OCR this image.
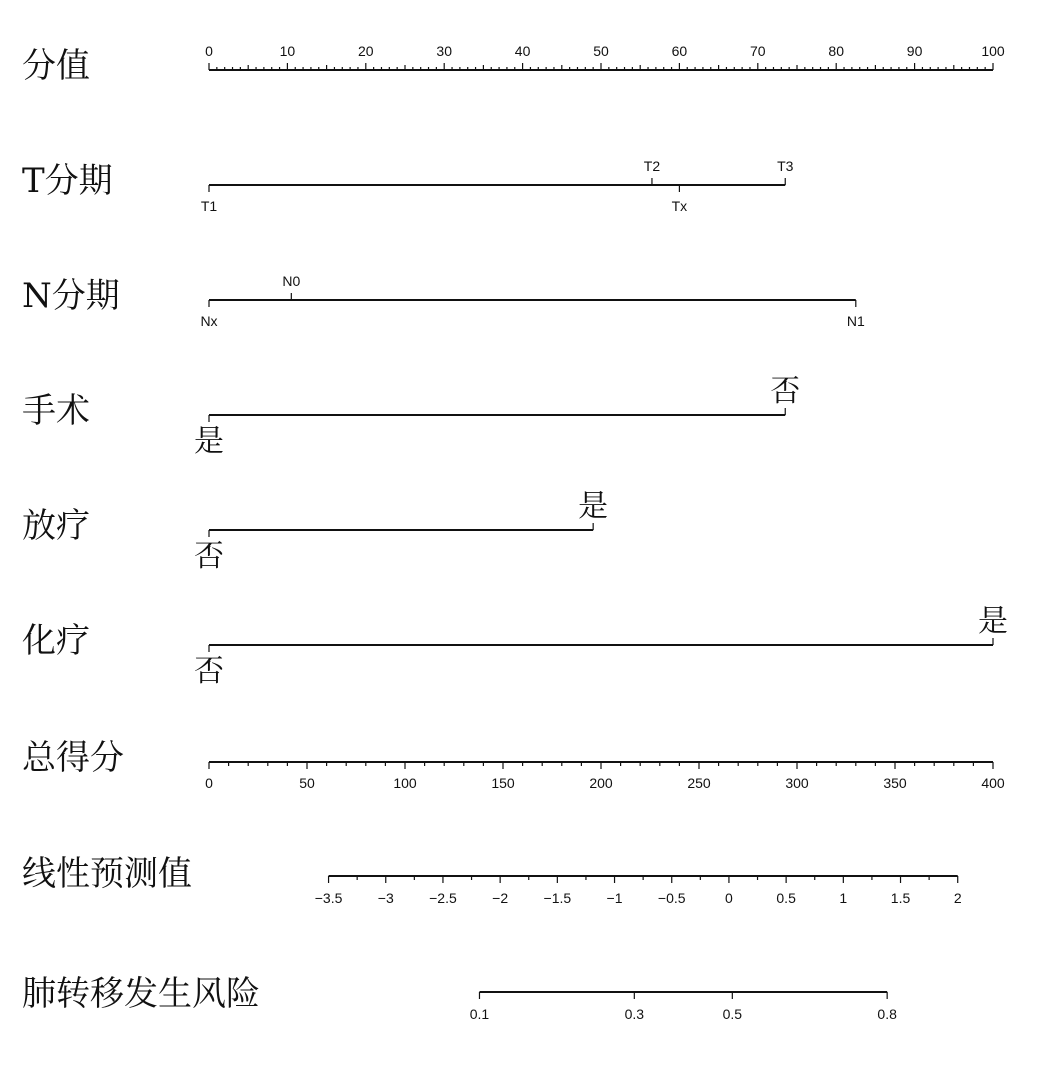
分值	0	10	20	30	40	50	60	70	80	90	100
T分期
T1
T2
Tx
T3
N分期
Nx
N0
N1
手术
是
否
放疗
否
是
化疗
否
是
总得分
0	50	100	150	200	250	300	350	400
线性预测值
−3.5	−3	−2.5	−2	−1.5	−1	−0.5	0	0.5	1	1.5	2
肺转移发生风险	0.1	0.3	0.5	0.8
